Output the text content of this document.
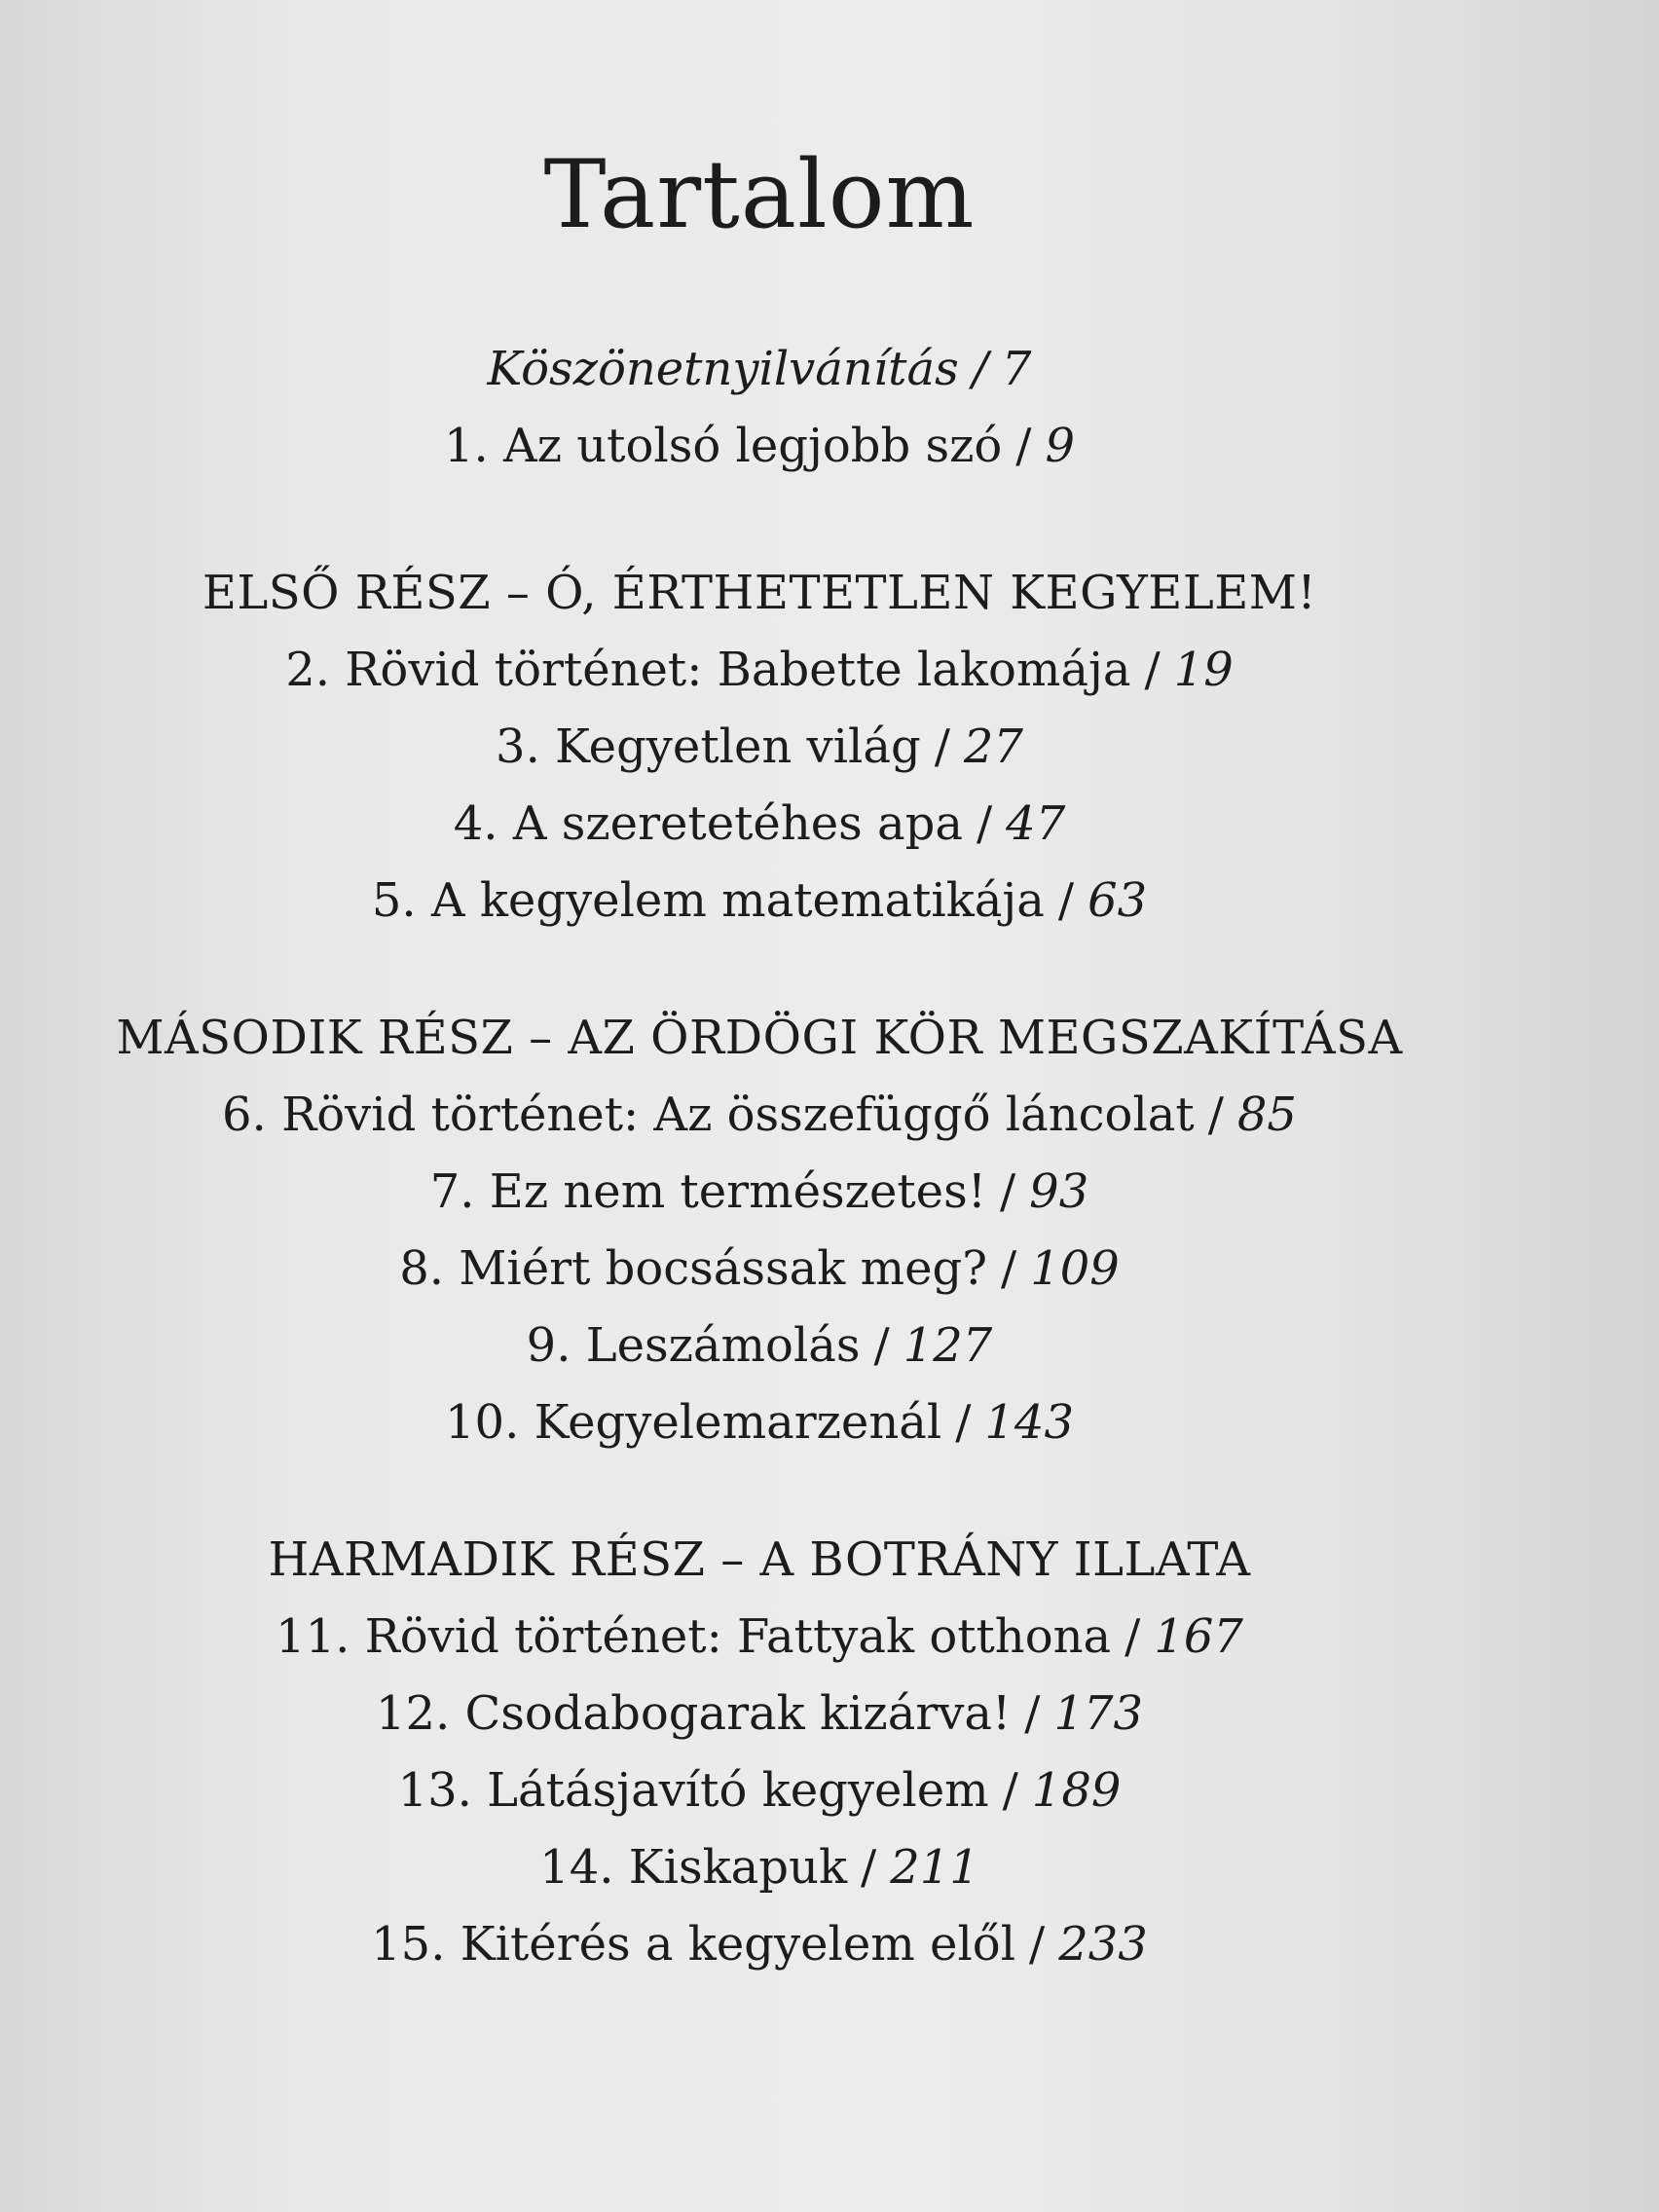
Tartalom
Köszönetnyilvánítás / 7
1. Az utolsó legjobb szó / 9
ELSŐ RÉSZ – Ó, ÉRTHETETLEN KEGYELEM!
2. Rövid történet: Babette lakomája / 19
3. Kegyetlen világ / 27
4. A szeretetéhes apa / 47
5. A kegyelem matematikája / 63
MÁSODIK RÉSZ – AZ ÖRDÖGI KÖR MEGSZAKÍTÁSA
6. Rövid történet: Az összefüggő láncolat / 85
7. Ez nem természetes! / 93
8. Miért bocsássak meg? / 109
9. Leszámolás / 127
10. Kegyelemarzenál / 143
HARMADIK RÉSZ – A BOTRÁNY ILLATA
11. Rövid történet: Fattyak otthona / 167
12. Csodabogarak kizárva! / 173
13. Látásjavító kegyelem / 189
14. Kiskapuk / 211
15. Kitérés a kegyelem elől / 233
